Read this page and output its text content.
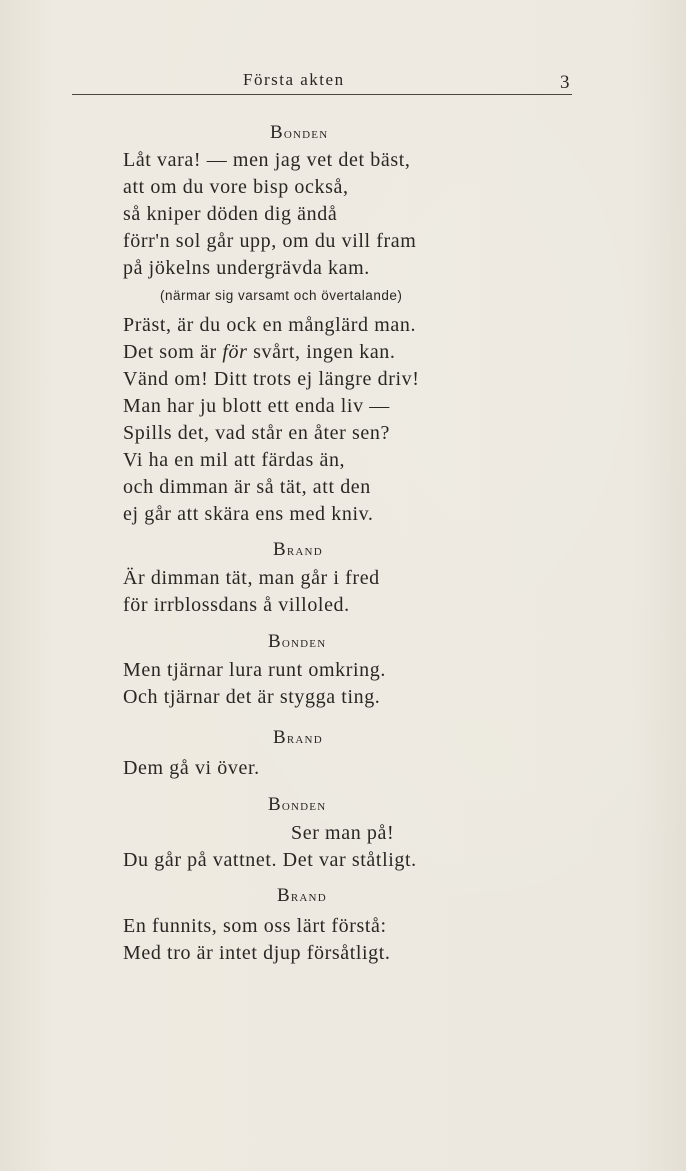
Första akten	3
Bonden
Låt vara! — men jag vet det bäst,
att om du vore bisp också,
så kniper döden dig ändå
förr'n sol går upp, om du vill fram
på jökelns undergrävda kam.
(närmar sig varsamt och övertalande)
Präst, är du ock en månglärd man.
Det som är för svårt, ingen kan.
Vänd om! Ditt trots ej längre driv!
Man har ju blott ett enda liv —
Spills det, vad står en åter sen?
Vi ha en mil att färdas än,
och dimman är så tät, att den
ej går att skära ens med kniv.
Brand
Är dimman tät, man går i fred
för irrblossdans å villoled.
Bonden
Men tjärnar lura runt omkring.
Och tjärnar det är stygga ting.
Brand
Dem gå vi över.
Bonden
Ser man på!
Du går på vattnet. Det var ståtligt.
Brand
En funnits, som oss lärt förstå:
Med tro är intet djup försåtligt.
